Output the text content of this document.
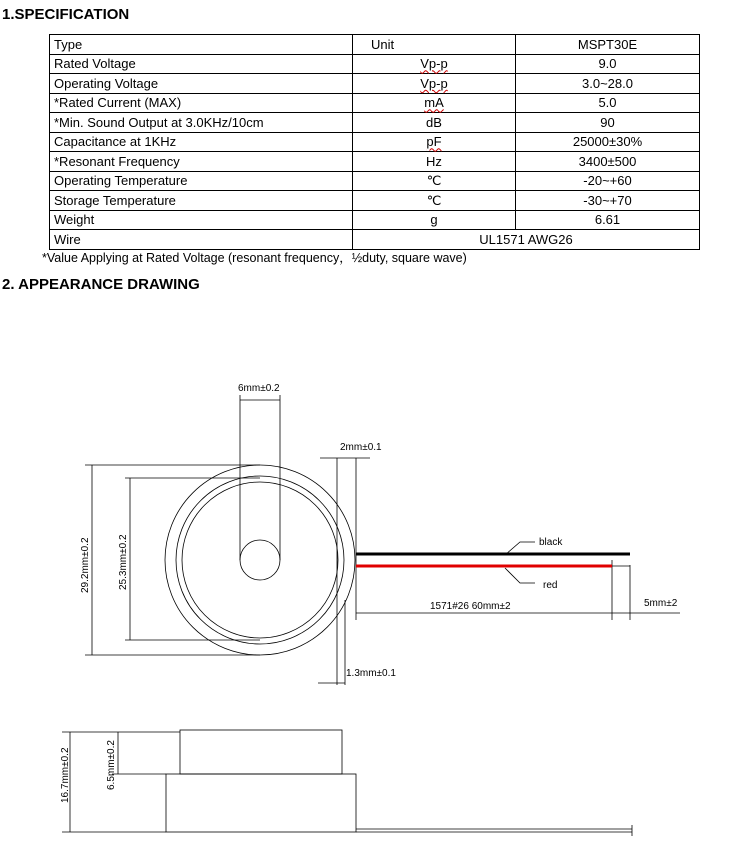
1.SPECIFICATION
Type	Unit	MSPT30E
Rated Voltage	Vp-p	9.0
Operating Voltage	Vp-p	3.0~28.0
*Rated Current (MAX)	mA	5.0
*Min. Sound Output at 3.0KHz/10cm	dB	90
Capacitance at 1KHz	pF	25000±30%
*Resonant Frequency	Hz	3400±500
Operating Temperature	℃	-20~+60
Storage Temperature	℃	-30~+70
Weight	g	6.61
Wire	UL1571 AWG26	
*Value Applying at Rated Voltage (resonant frequency，½duty, square wave)
2. APPEARANCE DRAWING
6mm±0.2
2mm±0.1
black
red
1571#26 60mm±2	5mm±2
1.3mm±0.1
29.2mm±0.2	25.3mm±0.2
16.7mm±0.2	6.5mm±0.2
